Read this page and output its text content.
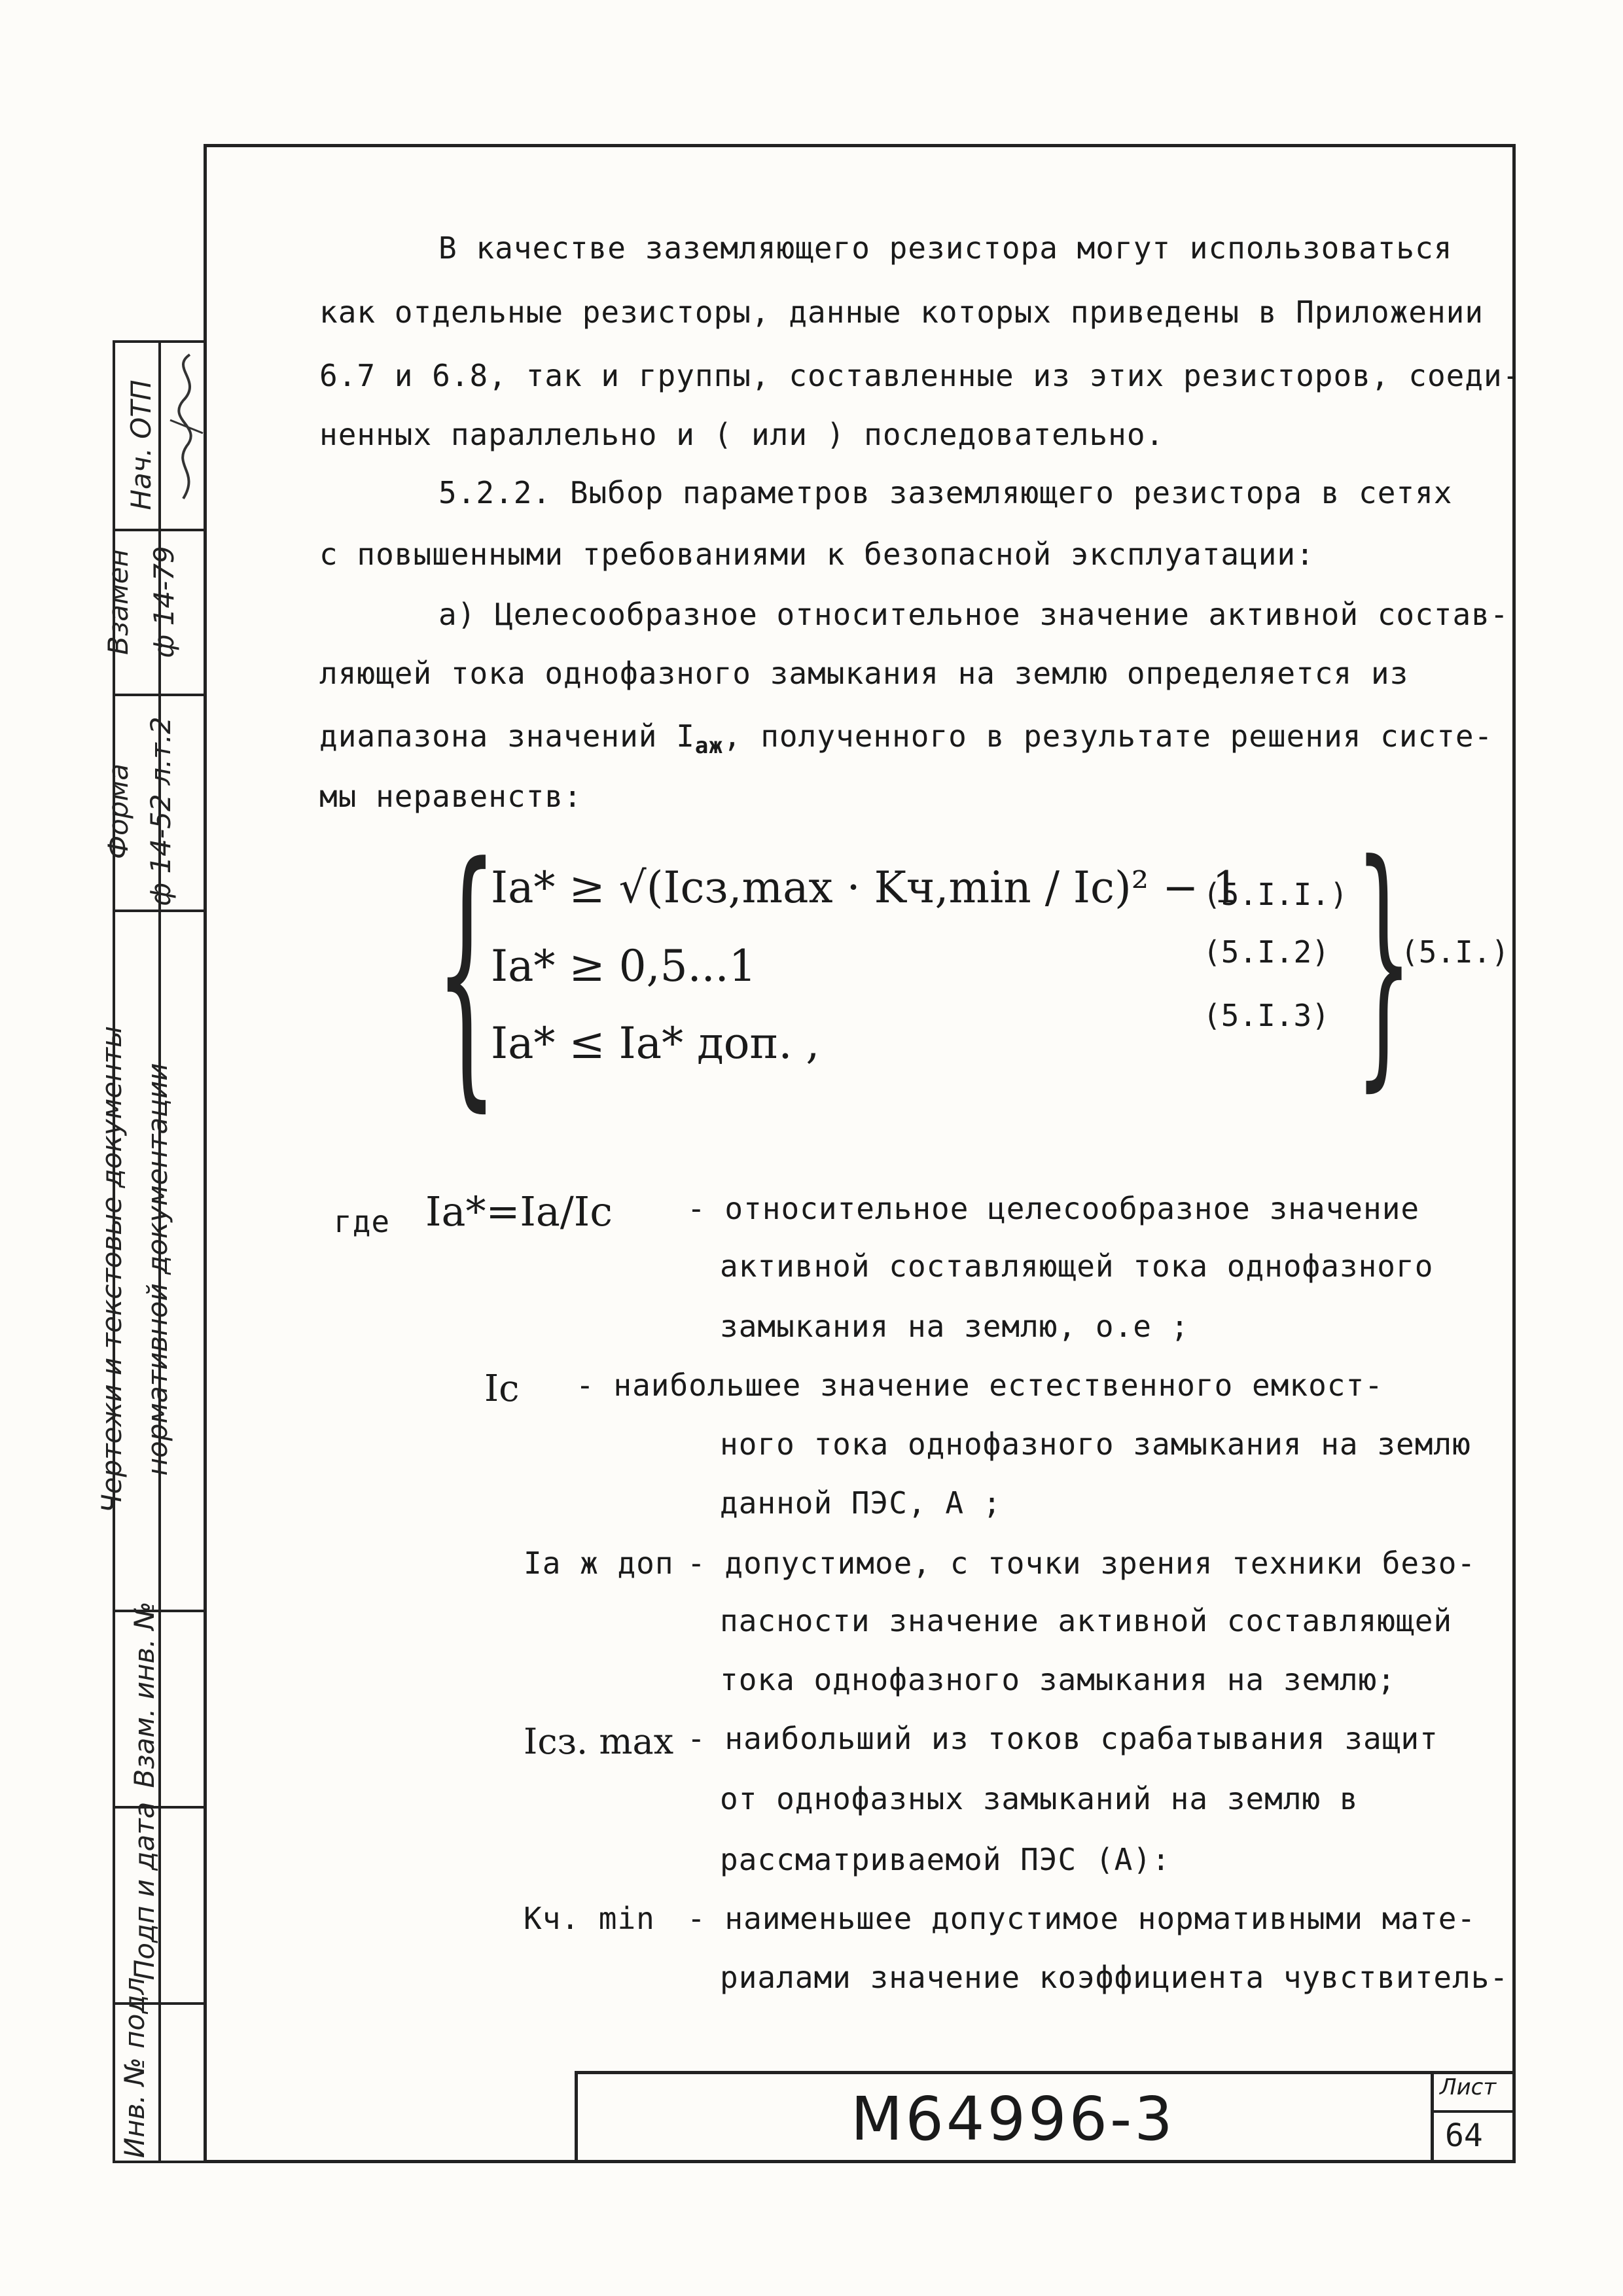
Нач. ОТП
Взамен ф 14-79
Форма ф 14-52 л.т.2
Чертежи и текстовые документы нормативной документации
Взам. инв. №
Подп и дата
Инв. № подл
В качестве заземляющего резистора могут использоваться
как отдельные резисторы, данные которых приведены в Приложении
6.7 и 6.8, так и группы, составленные из этих резисторов, соеди-
ненных параллельно и ( или ) последовательно.
5.2.2. Выбор параметров заземляющего резистора в сетях
с повышенными требованиями к безопасной эксплуатации:
а) Целесообразное относительное значение активной состав-
ляющей тока однофазного замыкания на землю определяется из
диапазона значений $I_{аж}$, полученного в результате решения систе-
мы неравенств:
{
Iа* ≥ √(Iсз,max · Kч,min / Iс)² − 1
Iа* ≥ 0,5...1
Iа* ≤ Iа* доп. ,
(5.I.I.)
(5.I.2)
(5.I.3) }
(5.I.)
где Iа*=Iа/Iс - относительное целесообразное значение
активной составляющей тока однофазного
замыкания на землю, о.е ;
Iс - наибольшее значение естественного емкост-
ного тока однофазного замыкания на землю
данной ПЭС, А ;
Iа ж доп - допустимое, с точки зрения техники безо-
пасности значение активной составляющей
тока однофазного замыкания на землю;
Iсз. max - наибольший из токов срабатывания защит
от однофазных замыканий на землю в
рассматриваемой ПЭС (А):
Kч. min - наименьшее допустимое нормативными мате-
риалами значение коэффициента чувствитель-
М64996-3	Лист
64
